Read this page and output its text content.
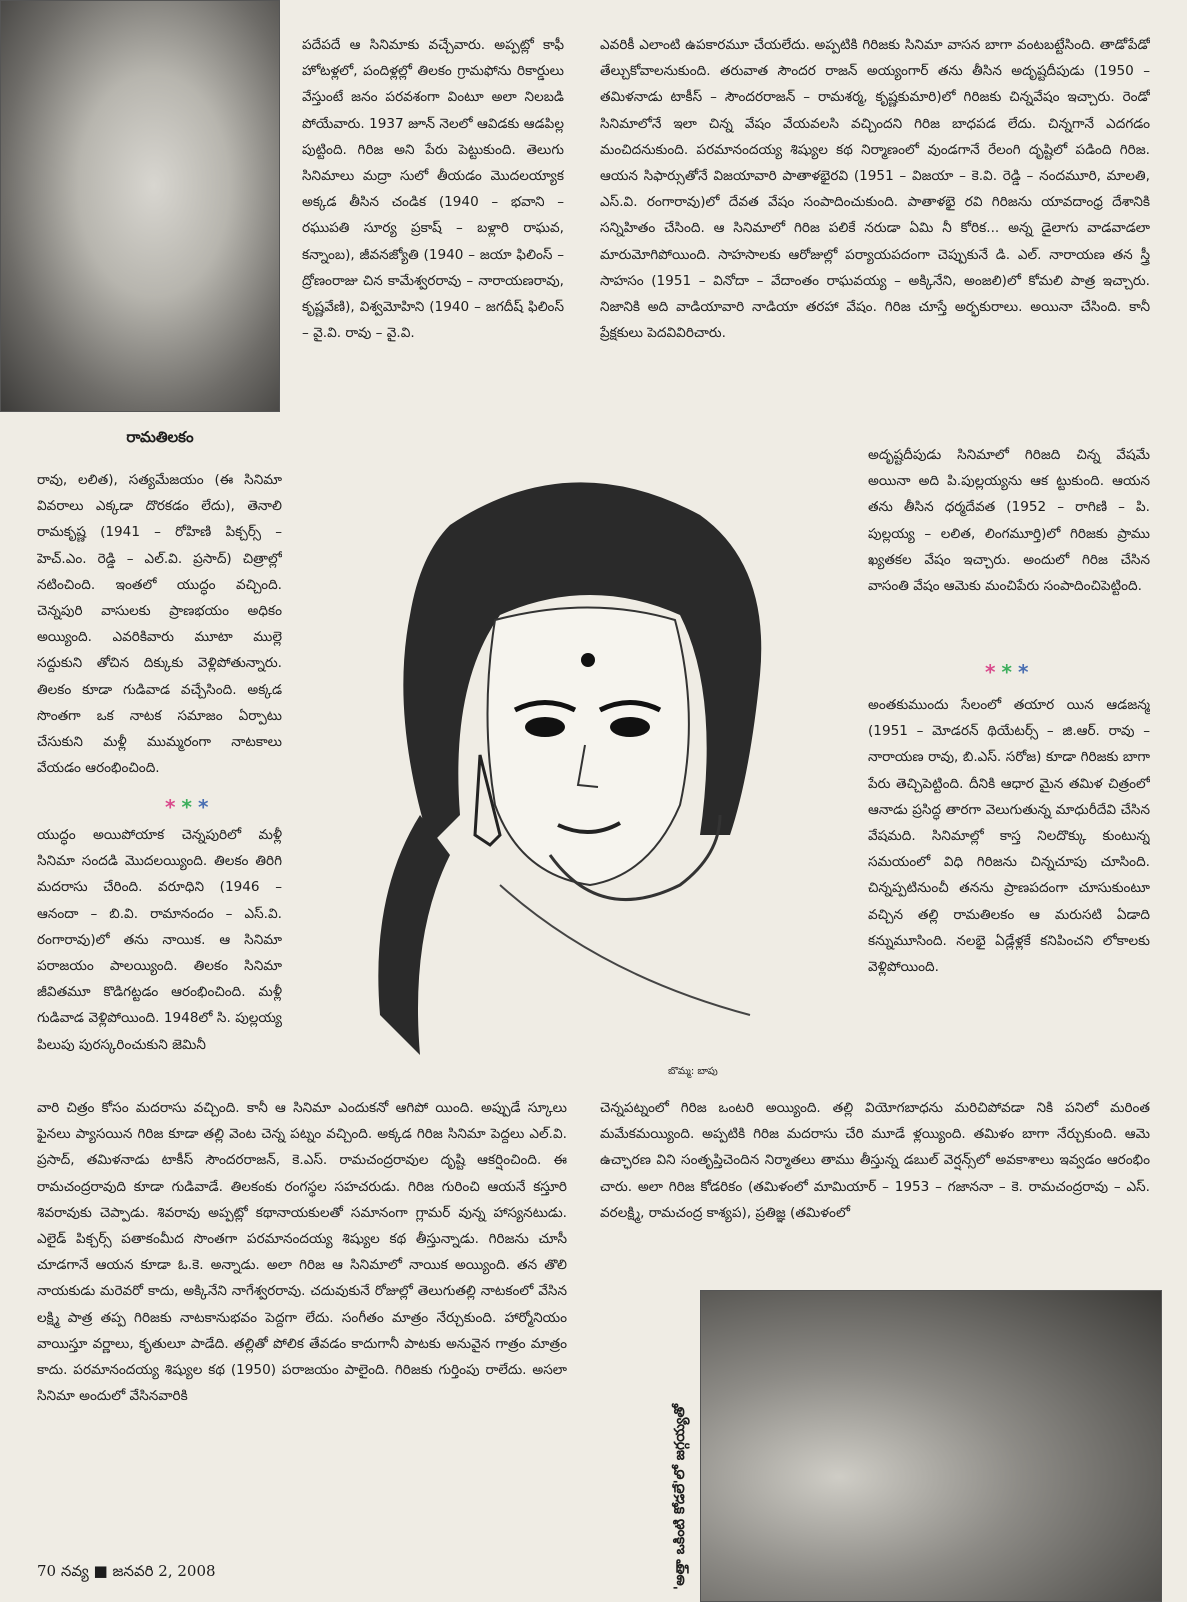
రామతిలకం

పదేపదే ఆ సినిమాకు వచ్చేవారు. అప్పట్లో కాఫీ హోటళ్లలో, పందిళ్లల్లో తిలకం గ్రామఫోను రికార్డులు వేస్తుంటే జనం పరవశంగా వింటూ అలా నిలబడి పోయేవారు. 1937 జూన్ నెలలో ఆవిడకు ఆడపిల్ల పుట్టింది. గిరిజ అని పేరు పెట్టుకుంది. తెలుగు సినిమాలు మద్రా సులో తీయడం మొదలయ్యాక అక్కడ తీసిన చండిక (1940 – భవాని – రఘుపతి సూర్య ప్రకాష్ – బళ్లారి రాఘవ, కన్నాంబ), జీవనజ్యోతి (1940 – జయా ఫిలింస్ – ద్రోణంరాజు చిన కామేశ్వరరావు – నారాయణరావు, కృష్ణవేణి), విశ్వమోహిని (1940 – జగదీష్ ఫిలింస్ – వై.వి. రావు – వై.వి.

ఎవరికీ ఎలాంటి ఉపకారమూ చేయలేదు. అప్పటికి గిరిజకు సినిమా వాసన బాగా వంటబట్టేసింది. తాడోపేడో తేల్చుకోవాలనుకుంది. తరువాత సౌందర రాజన్ అయ్యంగార్ తను తీసిన అదృష్టదీపుడు (1950 – తమిళనాడు టాకీస్ – సౌందరరాజన్ – రామశర్మ, కృష్ణకుమారి)లో గిరిజకు చిన్నవేషం ఇచ్చారు. రెండో సినిమాలోనే ఇలా చిన్న వేషం వేయవలసి వచ్చిందని గిరిజ బాధపడ లేదు. చిన్నగానే ఎదగడం మంచిదనుకుంది. పరమానందయ్య శిష్యుల కథ నిర్మాణంలో వుండగానే రేలంగి దృష్టిలో పడింది గిరిజ. ఆయన సిఫార్సుతోనే విజయావారి పాతాళభైరవి (1951 – విజయా – కె.వి. రెడ్డి – నందమూరి, మాలతి, ఎస్.వి. రంగారావు)లో దేవత వేషం సంపాదించుకుంది. పాతాళభై రవి గిరిజను యావదాంధ్ర దేశానికి సన్నిహితం చేసింది. ఆ సినిమాలో గిరిజ పలికే నరుడా ఏమి నీ కోరిక... అన్న డైలాగు వాడవాడలా మారుమోగిపోయింది. సాహసాలకు ఆరోజుల్లో పర్యాయపదంగా చెప్పుకునే డి. ఎల్. నారాయణ తన స్త్రీ సాహసం (1951 – వినోదా – వేదాంతం రాఘవయ్య – అక్కినేని, అంజలి)లో కోమలి పాత్ర ఇచ్చారు. నిజానికి అది వాడియావారి నాడియా తరహా వేషం. గిరిజ చూస్తే అర్భకురాలు. అయినా చేసింది. కానీ ప్రేక్షకులు పెదవివిరిచారు.

రావు, లలిత), సత్యమేజయం (ఈ సినిమా వివరాలు ఎక్కడా దొరకడం లేదు), తెనాలి రామకృష్ణ (1941 – రోహిణి పిక్చర్స్ – హెచ్.ఎం. రెడ్డి – ఎల్.వి. ప్రసాద్) చిత్రాల్లో నటించింది. ఇంతలో యుద్ధం వచ్చింది. చెన్నపురి వాసులకు ప్రాణభయం అధికం అయ్యింది. ఎవరికివారు మూటా ముల్లె సద్దుకుని తోచిన దిక్కుకు వెళ్లిపోతున్నారు. తిలకం కూడా గుడివాడ వచ్చేసింది. అక్కడ సొంతగా ఒక నాటక సమాజం ఏర్పాటు చేసుకుని మళ్లీ ముమ్మరంగా నాటకాలు వేయడం ఆరంభించింది.

***

యుద్ధం అయిపోయాక చెన్నపురిలో మళ్లీ సినిమా సందడి మొదలయ్యింది. తిలకం తిరిగి మదరాసు చేరింది. వరూధిని (1946 – ఆనందా – బి.వి. రామానందం – ఎస్.వి. రంగారావు)లో తను నాయిక. ఆ సినిమా పరాజయం పాలయ్యింది. తిలకం సినిమా జీవితమూ కొడిగట్టడం ఆరంభించింది. మళ్లీ గుడివాడ వెళ్లిపోయింది. 1948లో సి. పుల్లయ్య పిలుపు పురస్కరించుకుని జెమినీ

బొమ్మ: బాపు

అదృష్టదీపుడు సినిమాలో గిరిజది చిన్న వేషమే అయినా అది పి.పుల్లయ్యను ఆక ట్టుకుంది. ఆయన తను తీసిన ధర్మదేవత (1952 – రాగిణి – పి. పుల్లయ్య – లలిత, లింగమూర్తి)లో గిరిజకు ప్రాము ఖ్యతకల వేషం ఇచ్చారు. అందులో గిరిజ చేసిన వాసంతి వేషం ఆమెకు మంచిపేరు సంపాదించిపెట్టింది.

***

అంతకుముందు సేలంలో తయార యిన ఆడజన్మ (1951 – మోడరన్ థియేటర్స్ – జి.ఆర్. రావు – నారాయణ రావు, బి.ఎస్. సరోజ) కూడా గిరిజకు బాగా పేరు తెచ్చిపెట్టింది. దీనికి ఆధార మైన తమిళ చిత్రంలో ఆనాడు ప్రసిద్ధ తారగా వెలుగుతున్న మాధురీదేవి చేసిన వేషమది. సినిమాల్లో కాస్త నిలదొక్కు కుంటున్న సమయంలో విధి గిరిజను చిన్నచూపు చూసింది. చిన్నప్పటినుంచీ తనను ప్రాణపదంగా చూసుకుంటూ వచ్చిన తల్లి రామతిలకం ఆ మరుసటి ఏడాది కన్నుమూసింది. నలభై ఏడ్లేళ్లకే కనిపించని లోకాలకు వెళ్లిపోయింది.

వారి చిత్రం కోసం మదరాసు వచ్చింది. కానీ ఆ సినిమా ఎందుకనో ఆగిపో యింది. అప్పుడే స్కూలు ఫైనలు ప్యాసయిన గిరిజ కూడా తల్లి వెంట చెన్న పట్నం వచ్చింది. అక్కడ గిరిజ సినిమా పెద్దలు ఎల్.వి. ప్రసాద్, తమిళనాడు టాకీస్ సౌందరరాజన్, కె.ఎస్. రామచంద్రరావుల దృష్టి ఆకర్షించింది. ఈ రామచంద్రరావుది కూడా గుడివాడే. తిలకంకు రంగస్థల సహచరుడు. గిరిజ గురించి ఆయనే కస్తూరి శివరావుకు చెప్పాడు. శివరావు అప్పట్లో కథానాయకులతో సమానంగా గ్లామర్ వున్న హాస్యనటుడు. ఎలైడ్ పిక్చర్స్ పతాకంమీద సొంతగా పరమానందయ్య శిష్యుల కథ తీస్తున్నాడు. గిరిజను చూసీ చూడగానే ఆయన కూడా ఓ.కె. అన్నాడు. అలా గిరిజ ఆ సినిమాలో నాయిక అయ్యింది. తన తొలి నాయకుడు మరెవరో కాదు, అక్కినేని నాగేశ్వరరావు. చదువుకునే రోజుల్లో తెలుగుతల్లి నాటకంలో వేసిన లక్ష్మి పాత్ర తప్ప గిరిజకు నాటకానుభవం పెద్దగా లేదు. సంగీతం మాత్రం నేర్చుకుంది. హార్మోనియం వాయిస్తూ వర్ణాలు, కృతులూ పాడేది. తల్లితో పోలిక తేవడం కాదుగానీ పాటకు అనువైన గాత్రం మాత్రం కాదు. పరమానందయ్య శిష్యుల కథ (1950) పరాజయం పాలైంది. గిరిజకు గుర్తింపు రాలేదు. అసలా సినిమా అందులో వేసినవారికి

చెన్నపట్నంలో గిరిజ ఒంటరి అయ్యింది. తల్లి వియోగబాధను మరిచిపోవడా నికి పనిలో మరింత మమేకమయ్యింది. అప్పటికి గిరిజ మదరాసు చేరి మూడే ళ్లయ్యింది. తమిళం బాగా నేర్చుకుంది. ఆమె ఉచ్ఛారణ విని సంతృప్తిచెందిన నిర్మాతలు తాము తీస్తున్న డబుల్ వెర్షన్స్‌లో అవకాశాలు ఇవ్వడం ఆరంభిం చారు. అలా గిరిజ కోడరికం (తమిళంలో మామియార్ – 1953 – గజాననా – కె. రామచంద్రరావు – ఎస్. వరలక్ష్మి, రామచంద్ర కాశ్యప), ప్రతిజ్ఞ (తమిళంలో

'అత్తా ఒకింటి కోడలే'లో జగ్గయ్యతో
70 నవ్య ■ జనవరి 2, 2008
